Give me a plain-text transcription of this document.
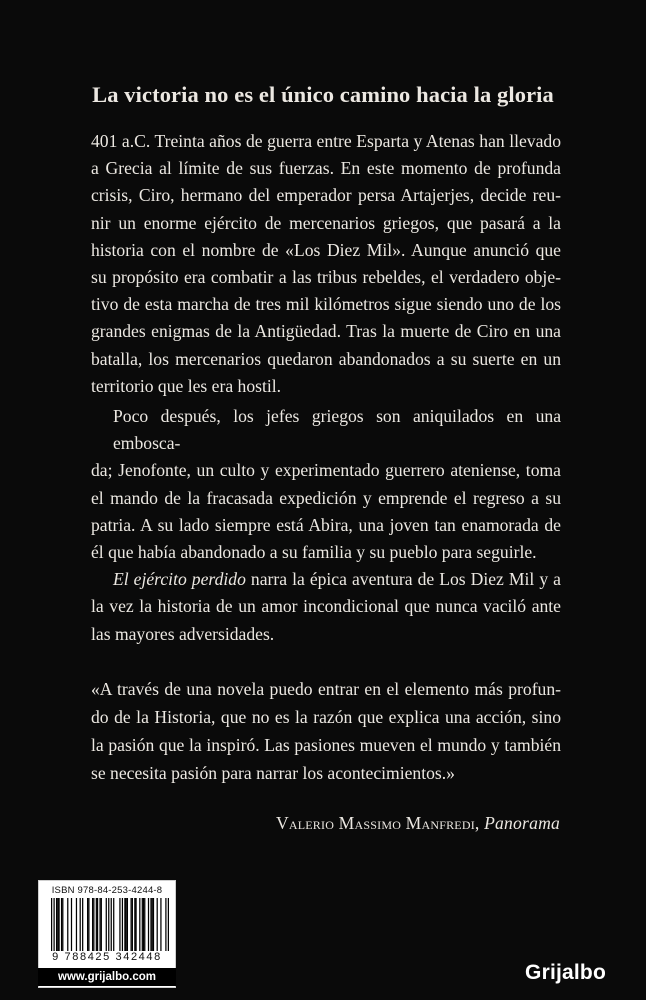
La victoria no es el único camino hacia la gloria

401 a.C. Treinta años de guerra entre Esparta y Atenas han llevado

a Grecia al límite de sus fuerzas. En este momento de profunda

crisis, Ciro, hermano del emperador persa Artajerjes, decide reu-

nir un enorme ejército de mercenarios griegos, que pasará a la

historia con el nombre de «Los Diez Mil». Aunque anunció que

su propósito era combatir a las tribus rebeldes, el verdadero obje-

tivo de esta marcha de tres mil kilómetros sigue siendo uno de los

grandes enigmas de la Antigüedad. Tras la muerte de Ciro en una

batalla, los mercenarios quedaron abandonados a su suerte en un

territorio que les era hostil.

Poco después, los jefes griegos son aniquilados en una embosca-

da; Jenofonte, un culto y experimentado guerrero ateniense, toma

el mando de la fracasada expedición y emprende el regreso a su

patria. A su lado siempre está Abira, una joven tan enamorada de

él que había abandonado a su familia y su pueblo para seguirle.

El ejército perdido narra la épica aventura de Los Diez Mil y a

la vez la historia de un amor incondicional que nunca vaciló ante

las mayores adversidades.

«A través de una novela puedo entrar en el elemento más profun-

do de la Historia, que no es la razón que explica una acción, sino

la pasión que la inspiró. Las pasiones mueven el mundo y también

se necesita pasión para narrar los acontecimientos.»

Valerio Massimo Manfredi, Panorama
ISBN 978-84-253-4244-8
9 788425 342448
www.grijalbo.com	Grijalbo
